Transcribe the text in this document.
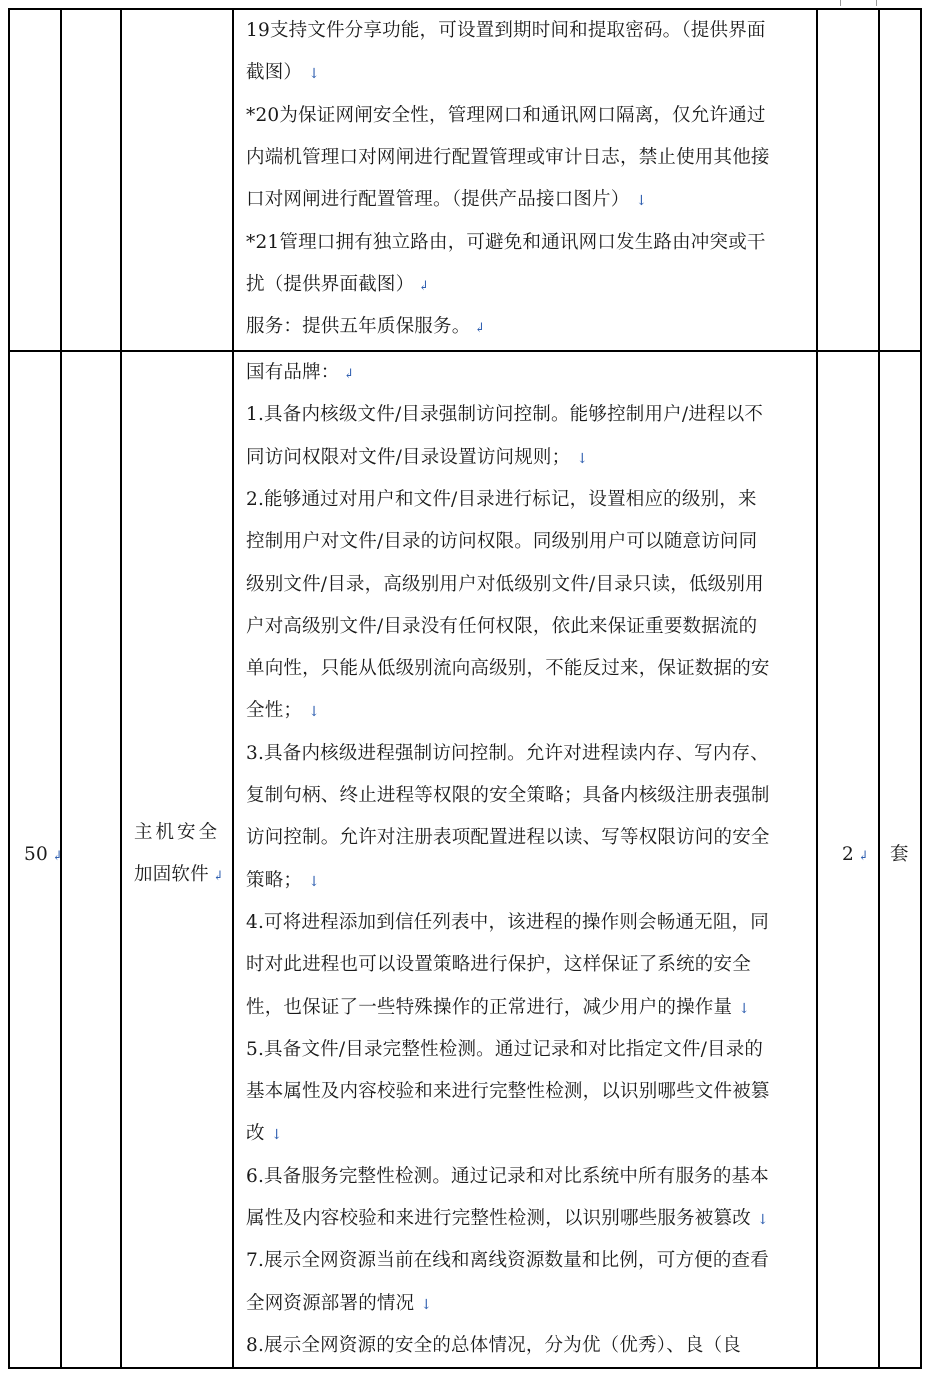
19支持文件分享功能，可设置到期时间和提取密码。（提供界面
截图） ↓
*20为保证网闸安全性，管理网口和通讯网口隔离，仅允许通过
内端机管理口对网闸进行配置管理或审计日志，禁止使用其他接
口对网闸进行配置管理。（提供产品接口图片） ↓
*21管理口拥有独立路由，可避免和通讯网口发生路由冲突或干
扰（提供界面截图） ↲
服务：提供五年质保服务。 ↲
50 ↲
主机安全
加固软件 ↲
国有品牌： ↲
1.具备内核级文件/目录强制访问控制。能够控制用户/进程以不
同访问权限对文件/目录设置访问规则； ↓
2.能够通过对用户和文件/目录进行标记，设置相应的级别，来
控制用户对文件/目录的访问权限。同级别用户可以随意访问同
级别文件/目录，高级别用户对低级别文件/目录只读，低级别用
户对高级别文件/目录没有任何权限，依此来保证重要数据流的
单向性，只能从低级别流向高级别，不能反过来，保证数据的安
全性； ↓
3.具备内核级进程强制访问控制。允许对进程读内存、写内存、
复制句柄、终止进程等权限的安全策略；具备内核级注册表强制
访问控制。允许对注册表项配置进程以读、写等权限访问的安全
策略； ↓
4.可将进程添加到信任列表中，该进程的操作则会畅通无阻，同
时对此进程也可以设置策略进行保护，这样保证了系统的安全
性，也保证了一些特殊操作的正常进行，减少用户的操作量 ↓
5.具备文件/目录完整性检测。通过记录和对比指定文件/目录的
基本属性及内容校验和来进行完整性检测，以识别哪些文件被篡
改 ↓
6.具备服务完整性检测。通过记录和对比系统中所有服务的基本
属性及内容校验和来进行完整性检测，以识别哪些服务被篡改 ↓
7.展示全网资源当前在线和离线资源数量和比例，可方便的查看
全网资源部署的情况 ↓
8.展示全网资源的安全的总体情况，分为优（优秀）、良（良
2 ↲ 套
